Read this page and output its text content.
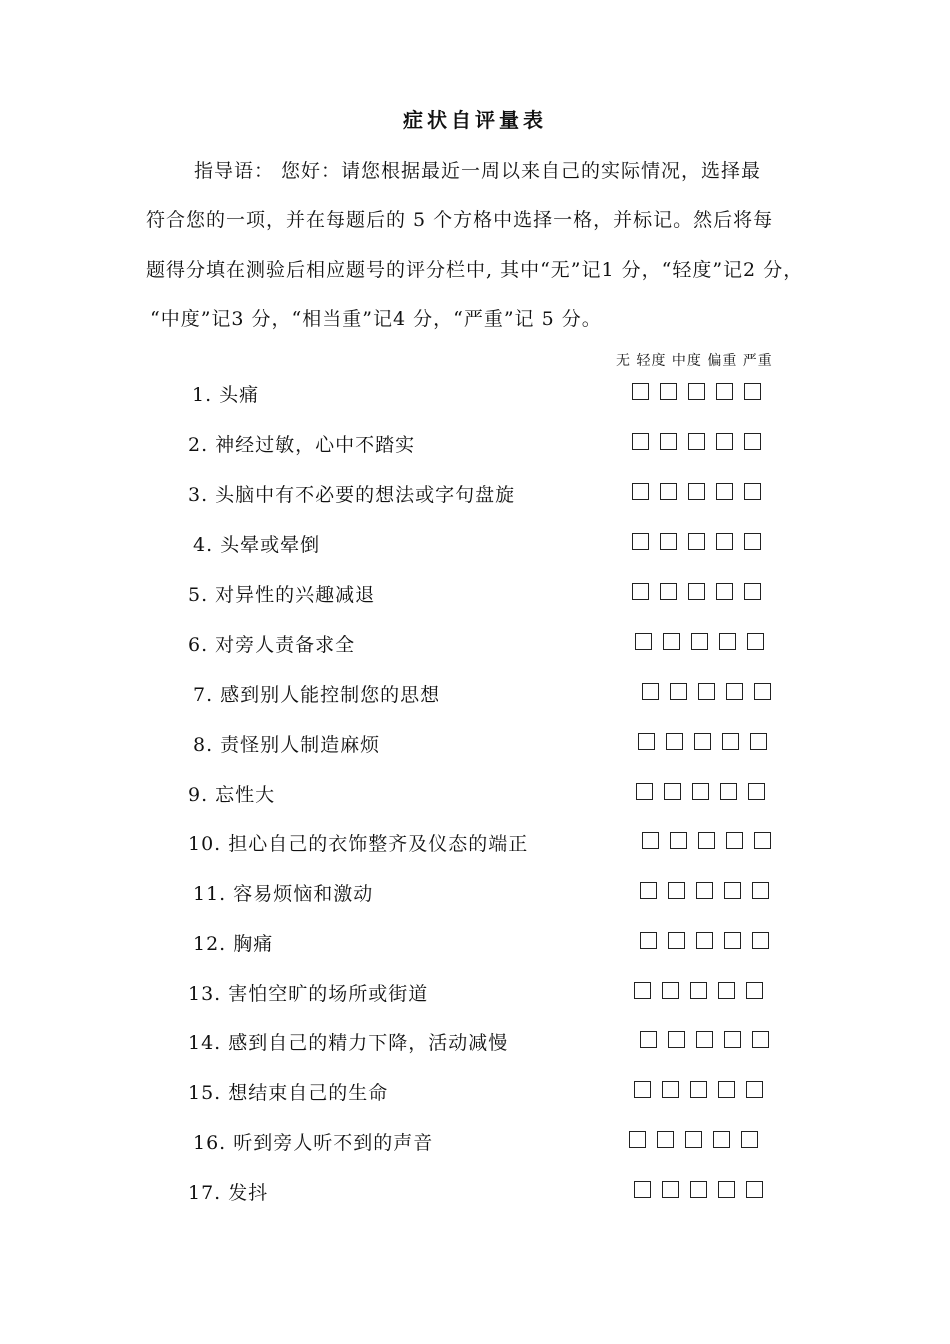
症状自评量表
指导语： 您好：请您根据最近一周以来自己的实际情况，选择最
符合您的一项，并在每题后的 5 个方格中选择一格，并标记。然后将每
题得分填在测验后相应题号的评分栏中, 其中“无”记1 分，“轻度”记2 分，
“中度”记3 分，“相当重”记4 分，“严重”记 5 分。
无 轻度 中度 偏重 严重
1. 头痛
2. 神经过敏，心中不踏实
3. 头脑中有不必要的想法或字句盘旋
4. 头晕或晕倒
5. 对异性的兴趣减退
6. 对旁人责备求全
7. 感到别人能控制您的思想
8. 责怪别人制造麻烦
9. 忘性大
10. 担心自己的衣饰整齐及仪态的端正
11. 容易烦恼和激动
12. 胸痛
13. 害怕空旷的场所或街道
14. 感到自己的精力下降，活动减慢
15. 想结束自己的生命
16. 听到旁人听不到的声音
17. 发抖
